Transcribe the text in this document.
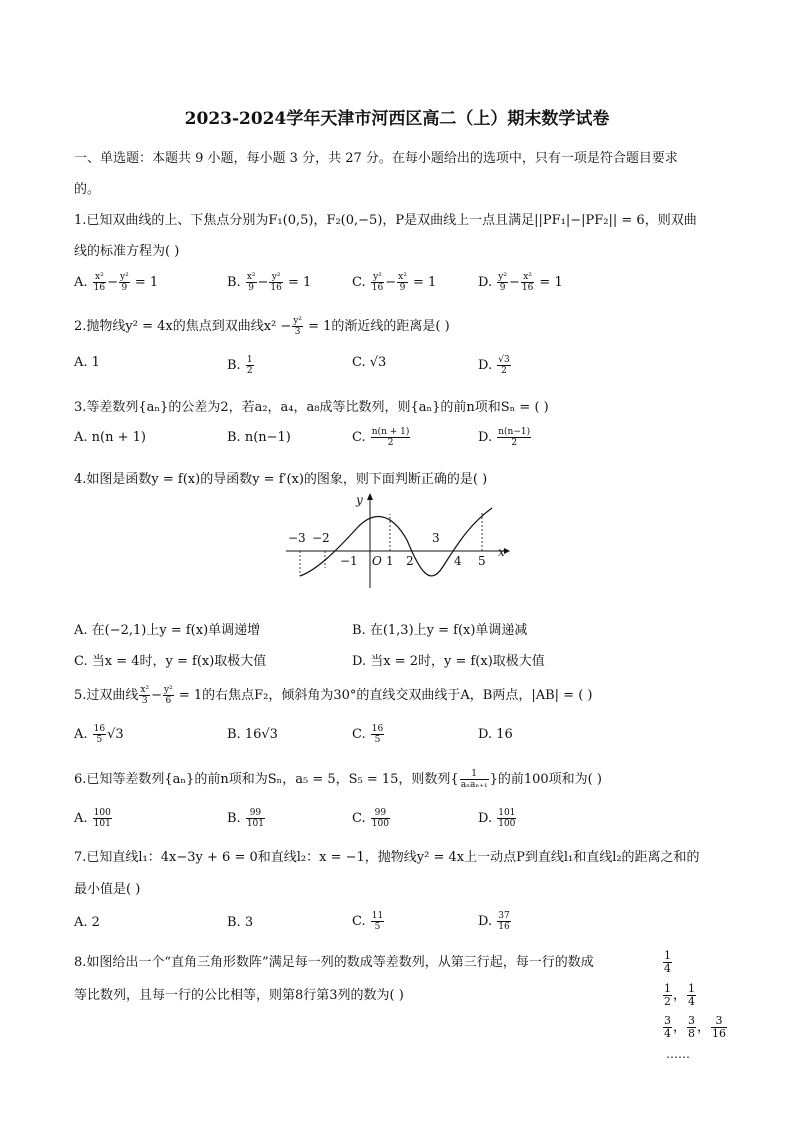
2023-2024学年天津市河西区高二（上）期末数学试卷
一、单选题：本题共 9 小题，每小题 3 分，共 27 分。在每小题给出的选项中，只有一项是符合题目要求
的。
1.已知双曲线的上、下焦点分别为F₁(0,5)，F₂(0,−5)，P是双曲线上一点且满足||PF₁|−|PF₂|| = 6，则双曲
线的标准方程为( )
A. $\frac{\text{x²}}{16} - \frac{\text{y²}}{9} = 1$	B. $\frac{\text{x²}}{9} - \frac{\text{y²}}{16} = 1$	C. $\frac{\text{y²}}{16} - \frac{\text{x²}}{9} = 1$	D. $\frac{\text{y²}}{9} - \frac{\text{x²}}{16} = 1$
2.抛物线y² = 4x的焦点到双曲线$x^2 - \frac{\text{y²}}{3} = 1$的渐近线的距离是( )
A. 1	B. $\frac{1}{2}$	C. √3	D. $\frac{√3}{2}$
3.等差数列{aₙ}的公差为2，若a₂，a₄，a₈成等比数列，则{aₙ}的前n项和Sₙ = ( )
A. n(n + 1)	B. n(n−1)	C. $\frac{n(n + 1)}{2}$	D. $\frac{n(n-1)}{2}$
4.如图是函数y = f(x)的导函数y = f′(x)的图象，则下面判断正确的是( )
−3 −2
−1 O 1 2
3
4 5
x
y
A. 在(−2,1)上y = f(x)单调递增	B. 在(1,3)上y = f(x)单调递减
C. 当x = 4时，y = f(x)取极大值	D. 当x = 2时，y = f(x)取极大值
5.过双曲线 $\frac{\text{x²}}{3} - \frac{\text{y²}}{6} = 1$的右焦点F₂，倾斜角为30°的直线交双曲线于A，B两点，|AB| = ( )
A. $\frac{16}{5} √3$	B. 16√3	C. $\frac{16}{5}$	D. 16
6.已知等差数列{aₙ}的前n项和为Sₙ，a₅ = 5，S₅ = 15，则数列{ $\frac{1}{\text{aₙaₙ₊₁}}$ }的前100项和为( )
A. $\frac{100}{101}$	B. $\frac{99}{101}$	C. $\frac{99}{100}$	D. $\frac{101}{100}$
7.已知直线l₁：4x−3y + 6 = 0和直线l₂：x = −1，抛物线y² = 4x上一动点P到直线l₁和直线l₂的距离之和的
最小值是( )
A. 2	B. 3	C. $\frac{11}{5}$	D. $\frac{37}{16}$
8.如图给出一个“直角三角形数阵”满足每一列的数成等差数列，从第三行起，每一行的数成
等比数列，且每一行的公比相等，则第8行第3列的数为( )
$\frac{1}{4}$
$\frac{1}{2}$ ， $\frac{1}{4}$
$\frac{3}{4}$ ， $\frac{3}{8}$ ， $\frac{3}{16}$
……
